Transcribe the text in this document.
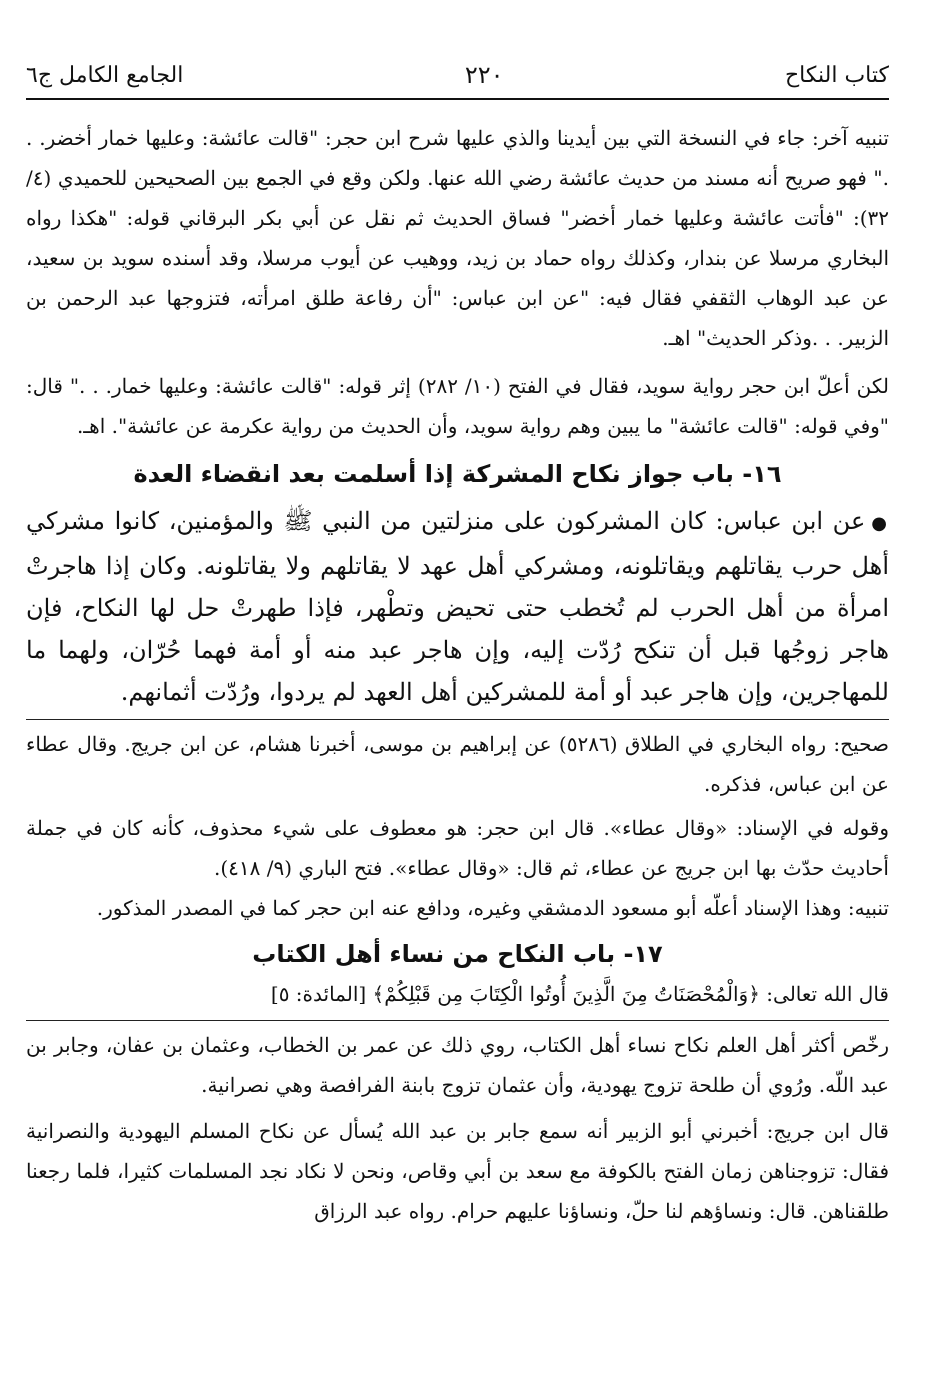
كتاب النكاح
٢٢٠
الجامع الكامل ج٦

تنبيه آخر: جاء في النسخة التي بين أيدينا والذي عليها شرح ابن حجر: "قالت عائشة: وعليها خمار أخضر. . ." فهو صريح أنه مسند من حديث عائشة رضي الله عنها. ولكن وقع في الجمع بين الصحيحين للحميدي (٤/ ٣٢): "فأتت عائشة وعليها خمار أخضر" فساق الحديث ثم نقل عن أبي بكر البرقاني قوله: "هكذا رواه البخاري مرسلا عن بندار، وكذلك رواه حماد بن زيد، ووهيب عن أيوب مرسلا، وقد أسنده سويد بن سعيد، عن عبد الوهاب الثقفي فقال فيه: "عن ابن عباس: "أن رفاعة طلق امرأته، فتزوجها عبد الرحمن بن الزبير. . .وذكر الحديث" اهـ.

لكن أعلّ ابن حجر رواية سويد، فقال في الفتح (١٠/ ٢٨٢) إثر قوله: "قالت عائشة: وعليها خمار. . ." قال: "وفي قوله: "قالت عائشة" ما يبين وهم رواية سويد، وأن الحديث من رواية عكرمة عن عائشة". اهـ.

١٦- باب جواز نكاح المشركة إذا أسلمت بعد انقضاء العدة

●عن ابن عباس: كان المشركون على منزلتين من النبي ﷺ والمؤمنين، كانوا مشركي أهل حرب يقاتلهم ويقاتلونه، ومشركي أهل عهد لا يقاتلهم ولا يقاتلونه. وكان إذا هاجرتْ امرأة من أهل الحرب لم تُخطب حتى تحيض وتطْهر، فإذا طهرتْ حل لها النكاح، فإن هاجر زوجُها قبل أن تنكح رُدّت إليه، وإن هاجر عبد منه أو أمة فهما حُرّان، ولهما ما للمهاجرين، وإن هاجر عبد أو أمة للمشركين أهل العهد لم يردوا، ورُدّت أثمانهم.

صحيح: رواه البخاري في الطلاق (٥٢٨٦) عن إبراهيم بن موسى، أخبرنا هشام، عن ابن جريج. وقال عطاء عن ابن عباس، فذكره.

وقوله في الإسناد: «وقال عطاء». قال ابن حجر: هو معطوف على شيء محذوف، كأنه كان في جملة أحاديث حدّث بها ابن جريج عن عطاء، ثم قال: «وقال عطاء». فتح الباري (٩/ ٤١٨).

تنبيه: وهذا الإسناد أعلّه أبو مسعود الدمشقي وغيره، ودافع عنه ابن حجر كما في المصدر المذكور.

١٧- باب النكاح من نساء أهل الكتاب

قال الله تعالى: ﴿وَالْمُحْصَنَاتُ مِنَ الَّذِينَ أُوتُوا الْكِتَابَ مِن قَبْلِكُمْ﴾ [المائدة: ٥]

رخّص أكثر أهل العلم نكاح نساء أهل الكتاب، روي ذلك عن عمر بن الخطاب، وعثمان بن عفان، وجابر بن عبد اللّه. ورُوي أن طلحة تزوج يهودية، وأن عثمان تزوج بابنة الفرافصة وهي نصرانية.

قال ابن جريج: أخبرني أبو الزبير أنه سمع جابر بن عبد الله يُسأل عن نكاح المسلم اليهودية والنصرانية فقال: تزوجناهن زمان الفتح بالكوفة مع سعد بن أبي وقاص، ونحن لا نكاد نجد المسلمات كثيرا، فلما رجعنا طلقناهن. قال: ونساؤهم لنا حلّ، ونساؤنا عليهم حرام. رواه عبد الرزاق
